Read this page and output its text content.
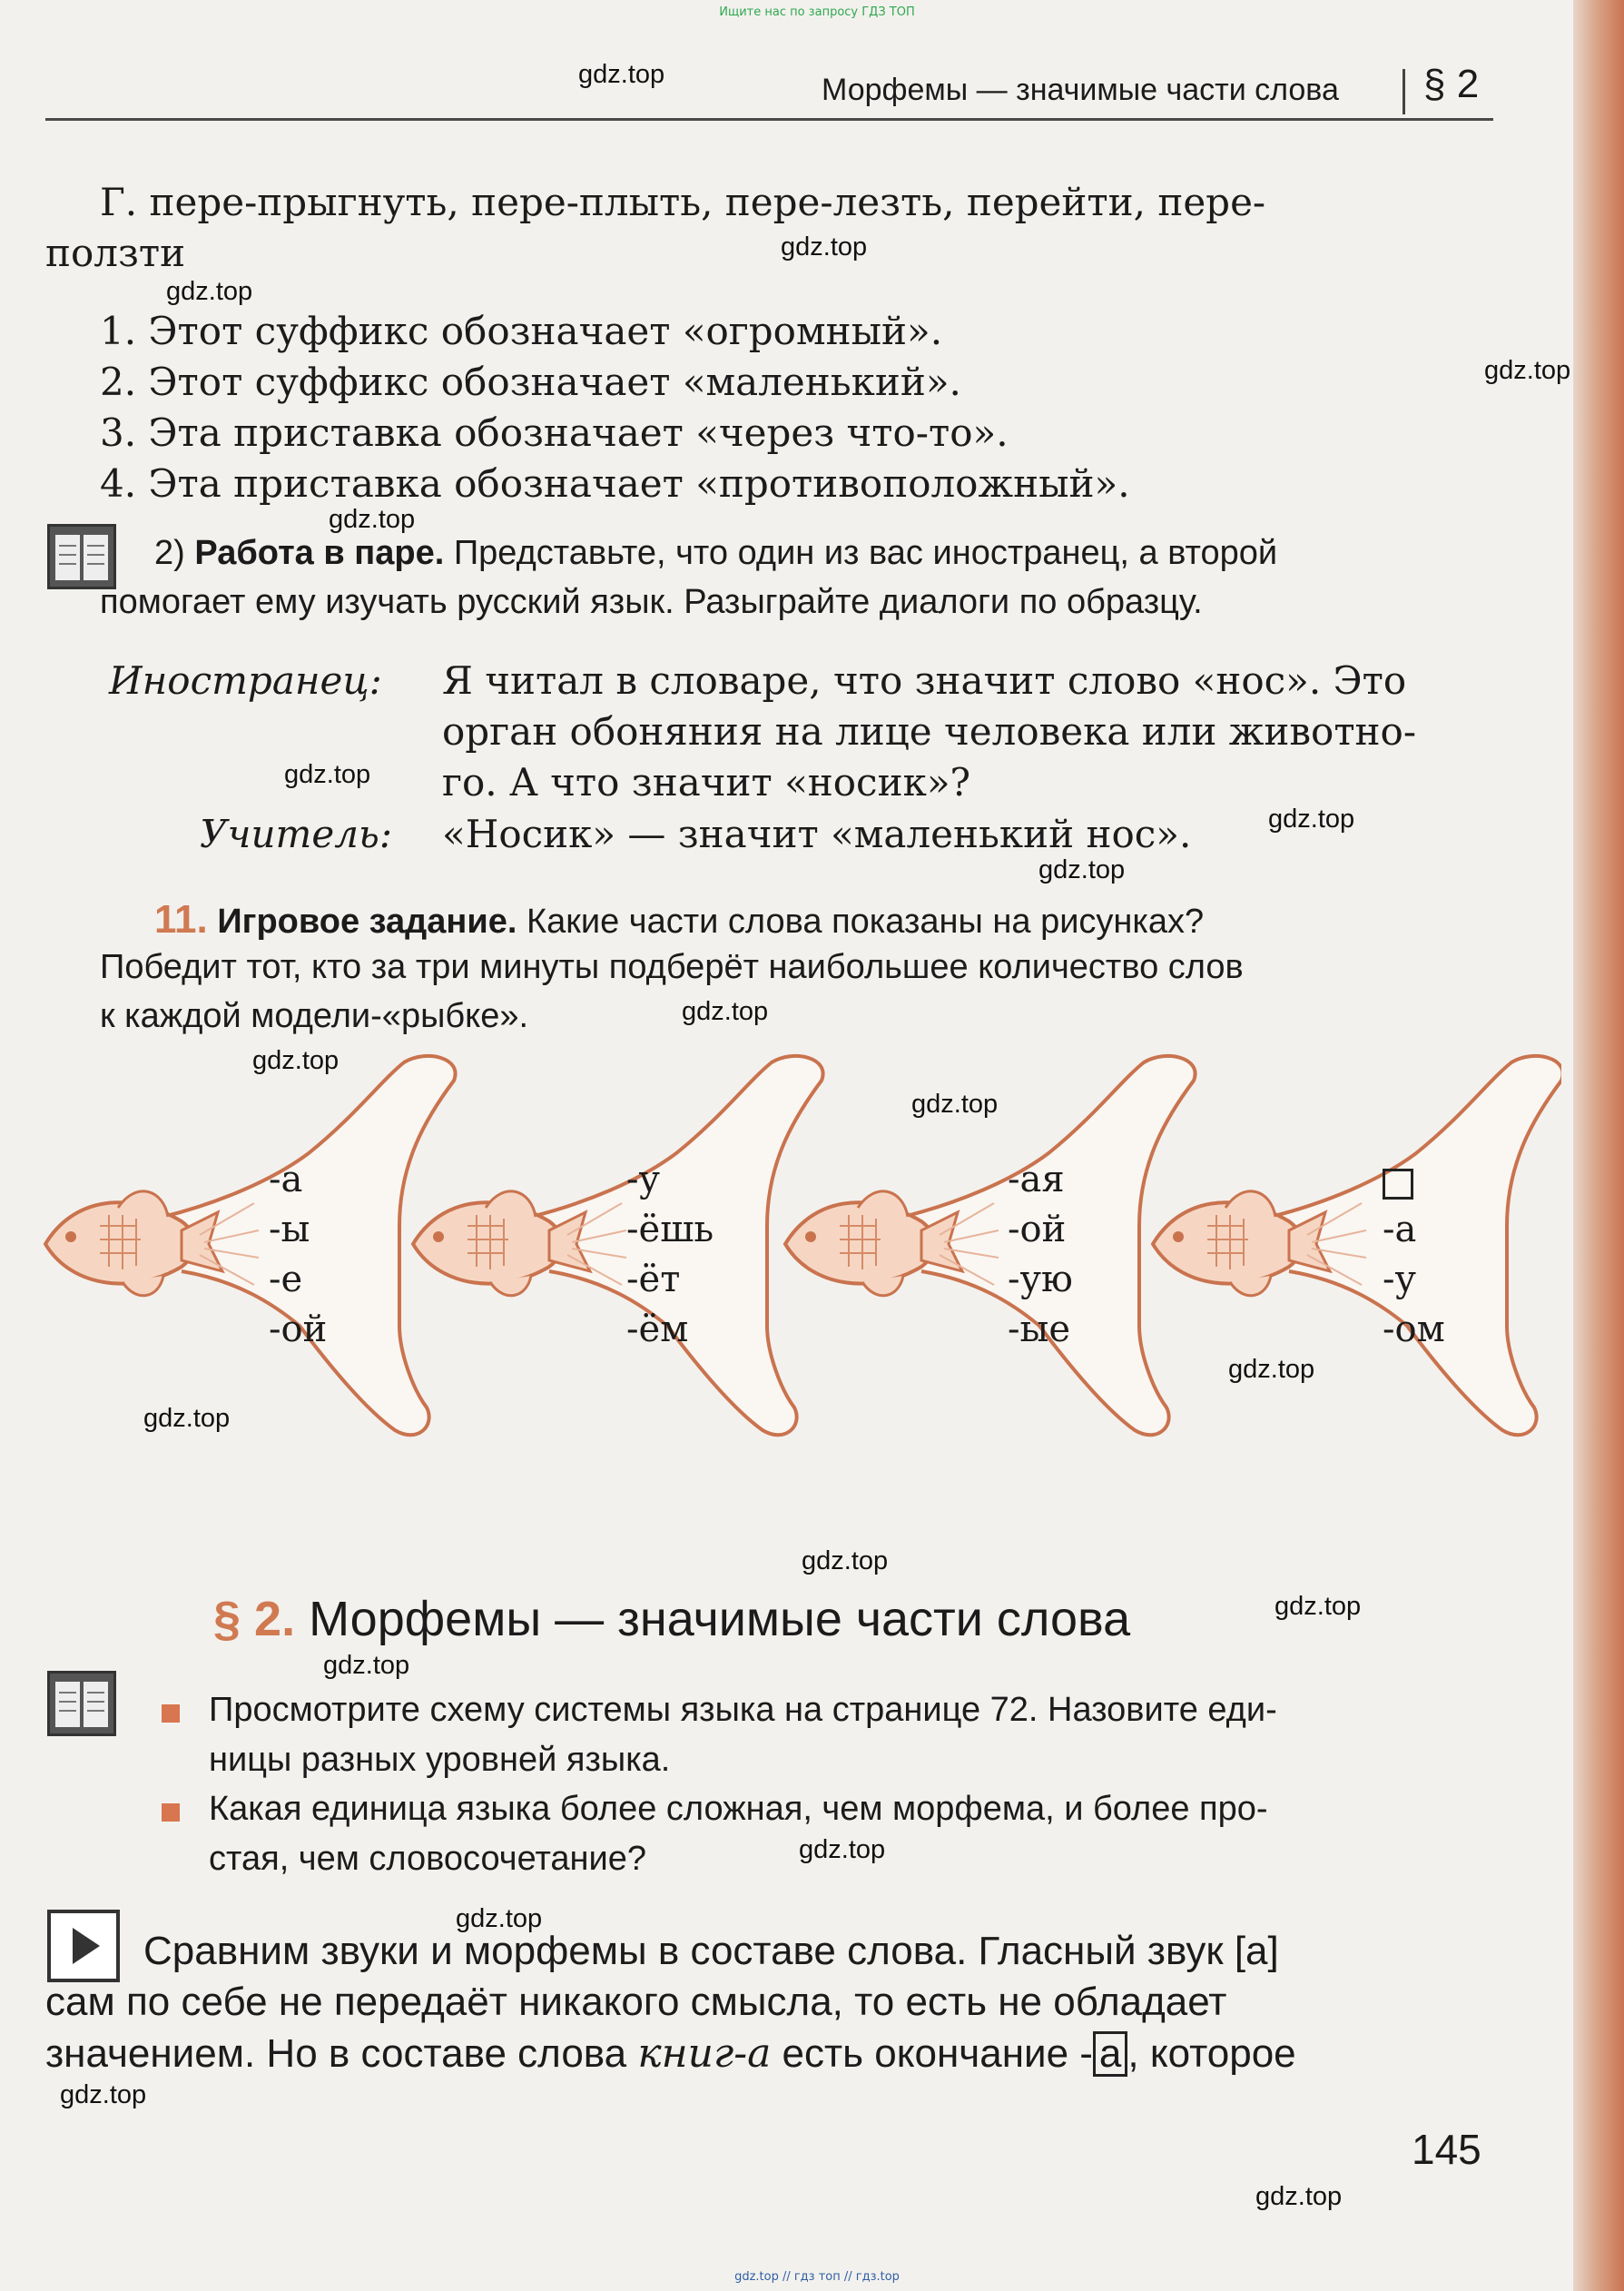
Ищите нас по запросу ГДЗ ТОП
gdz.top // гдз топ // гдз.top
Морфемы — значимые части слова § 2
gdz.top
gdz.top
gdz.top
gdz.top
gdz.top
gdz.top
gdz.top
gdz.top
gdz.top
gdz.top
gdz.top
gdz.top
gdz.top
gdz.top
gdz.top
gdz.top
gdz.top
gdz.top
gdz.top
gdz.top
Г. пере-прыгнуть, пере-плыть, пере-лезть, перейти, пере-
ползти
1. Этот суффикс обозначает «огромный».
2. Этот суффикс обозначает «маленький».
3. Эта приставка обозначает «через что-то».
4. Эта приставка обозначает «противоположный».
2) Работа в паре. Представьте, что один из вас иностранец, а второй
помогает ему изучать русский язык. Разыграйте диалоги по образцу.
Иностранец: Я читал в словаре, что значит слово «нос». Это
орган обоняния на лице человека или животно-
го. А что значит «носик»?
Учитель: «Носик» — значит «маленький нос».
11. Игровое задание. Какие части слова показаны на рисунках?
Победит тот, кто за три минуты подберёт наибольшее количество слов
к каждой модели-«рыбке».
-а
-ы
-е
-ой
-у
-ёшь
-ёт
-ём
-ая
-ой
-ую
-ые
-а
-у
-ом
§ 2. Морфемы — значимые части слова
Просмотрите схему системы языка на странице 72. Назовите еди-
ницы разных уровней языка.
Какая единица языка более сложная, чем морфема, и более про-
стая, чем словосочетание?
Сравним звуки и морфемы в составе слова. Гласный звук [а]
сам по себе не передаёт никакого смысла, то есть не обладает
значением. Но в составе слова книг-а есть окончание - а , которое
145
